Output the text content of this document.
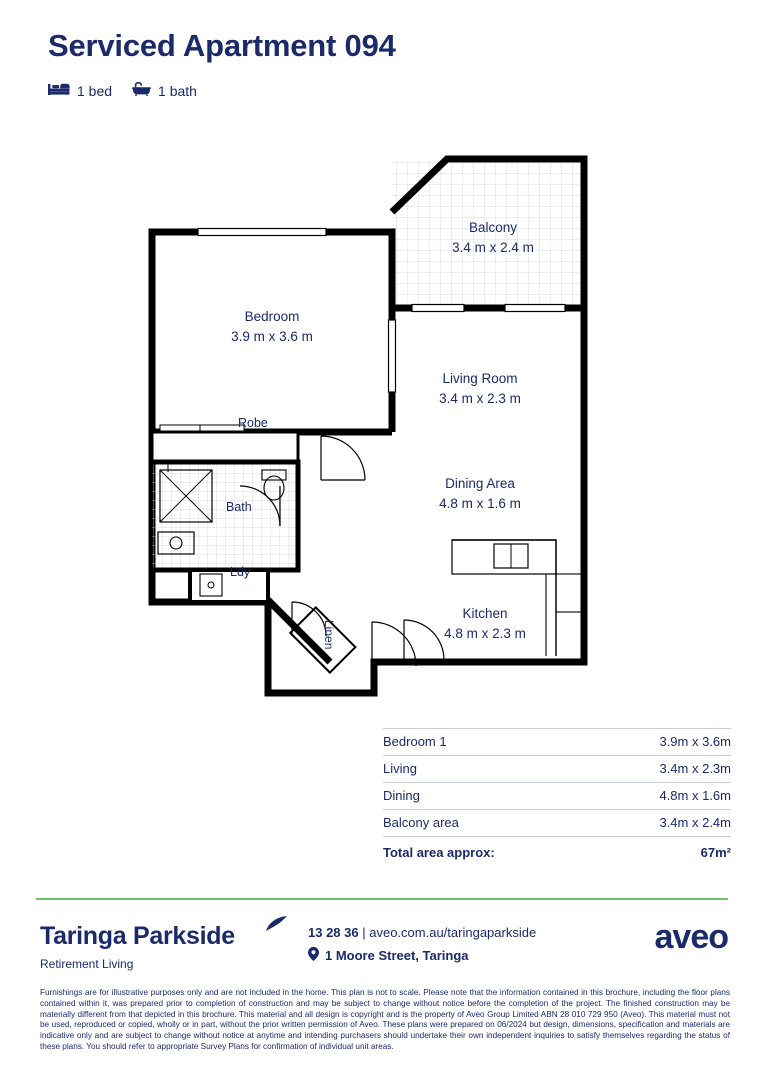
Serviced Apartment 094
1 bed	1 bath
Balcony
3.4 m x 2.4 m
Bedroom
3.9 m x 3.6 m
Living Room
3.4 m x 2.3 m
Dining Area
4.8 m x 1.6 m
Kitchen
4.8 m x 2.3 m
Robe
Bath
Ldy
Linen
Bedroom 1	3.9m x 3.6m
Living	3.4m x 2.3m
Dining	4.8m x 1.6m
Balcony area	3.4m x 2.4m
Total area approx:	67m²
Taringa Parkside
Retirement Living
13 28 36 | aveo.com.au/taringaparkside
1 Moore Street, Taringa	aveo
Furnishings are for illustrative purposes only and are not included in the home. This plan is not to scale. Please note that the information contained in this brochure, including the floor plans contained within it, was prepared prior to completion of construction and may be subject to change without notice before the completion of the project. The finished construction may be materially different from that depicted in this brochure. This material and all design is copyright and is the property of Aveo Group Limited ABN 28 010 729 950 (Aveo). This material must not be used, reproduced or copied, wholly or in part, without the prior written permission of Aveo. These plans were prepared on 06/2024 but design, dimensions, specification and materials are indicative only and are subject to change without notice at anytime and intending purchasers should undertake their own independent inquiries to satisfy themselves regarding the status of these plans. You should refer to appropriate Survey Plans for confirmation of individual unit areas.
